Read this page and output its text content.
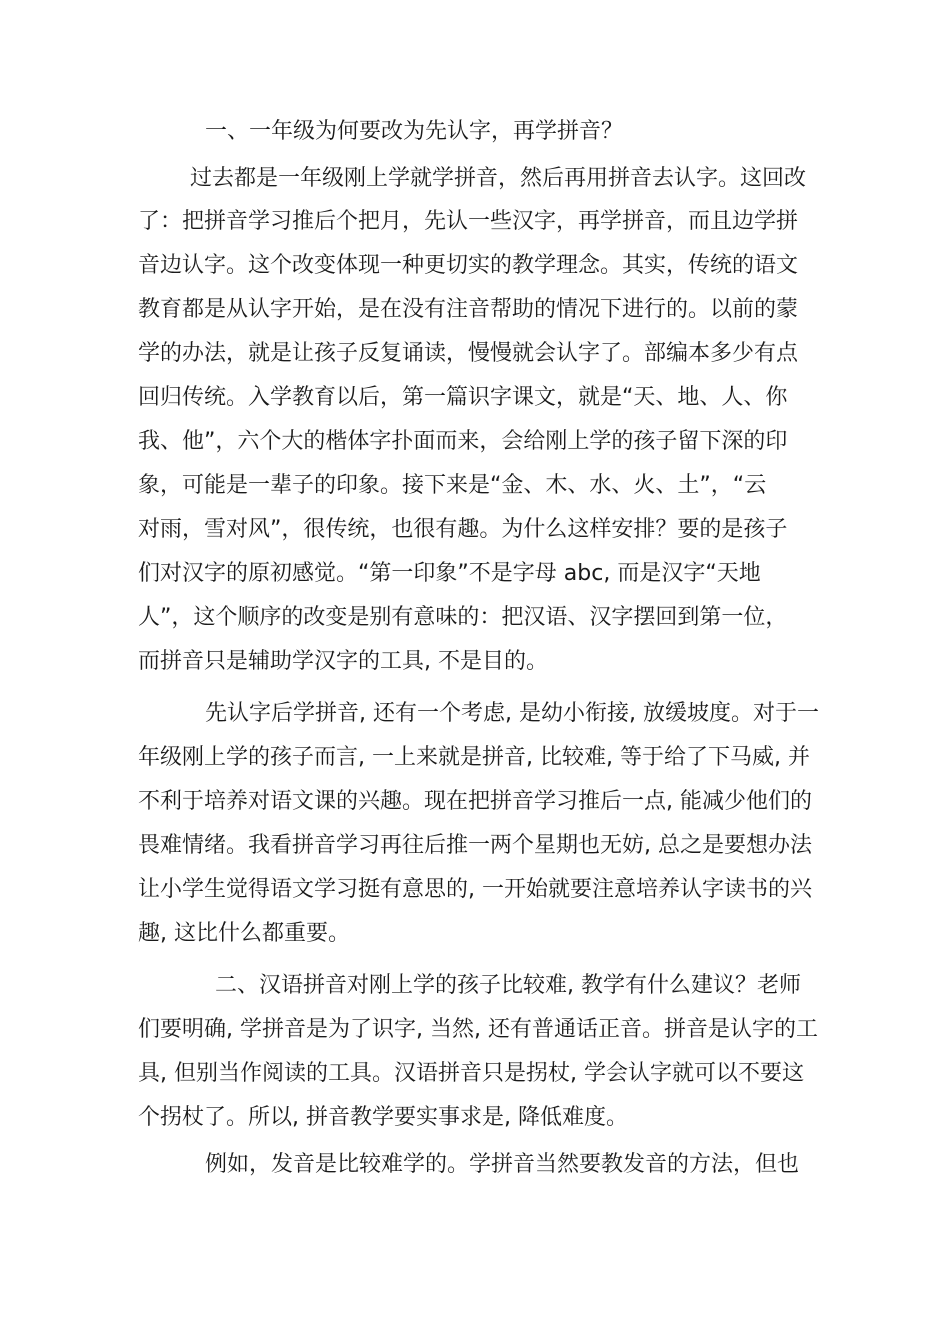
一、一年级为何要改为先认字，再学拼音？

过去都是一年级刚上学就学拼音，然后再用拼音去认字。这回改

了：把拼音学习推后个把月，先认一些汉字，再学拼音，而且边学拼

音边认字。这个改变体现一种更切实的教学理念。其实，传统的语文

教育都是从认字开始，是在没有注音帮助的情况下进行的。以前的蒙

学的办法，就是让孩子反复诵读，慢慢就会认字了。部编本多少有点

回归传统。入学教育以后，第一篇识字课文，就是“天、地、人、你

我、他”，六个大的楷体字扑面而来，会给刚上学的孩子留下深的印

象，可能是一辈子的印象。接下来是“金、木、水、火、土”，“云

对雨，雪对风”，很传统，也很有趣。为什么这样安排？要的是孩子

们对汉字的原初感觉。“第一印象”不是字母 abc, 而是汉字“天地

人”，这个顺序的改变是别有意味的：把汉语、汉字摆回到第一位，

而拼音只是辅助学汉字的工具, 不是目的。

先认字后学拼音, 还有一个考虑, 是幼小衔接, 放缓坡度。对于一

年级刚上学的孩子而言, 一上来就是拼音, 比较难, 等于给了下马威, 并

不利于培养对语文课的兴趣。现在把拼音学习推后一点, 能减少他们的

畏难情绪。我看拼音学习再往后推一两个星期也无妨, 总之是要想办法

让小学生觉得语文学习挺有意思的, 一开始就要注意培养认字读书的兴

趣, 这比什么都重要。

二、汉语拼音对刚上学的孩子比较难, 教学有什么建议？老师

们要明确, 学拼音是为了识字, 当然, 还有普通话正音。拼音是认字的工

具, 但别当作阅读的工具。汉语拼音只是拐杖, 学会认字就可以不要这

个拐杖了。所以, 拼音教学要实事求是, 降低难度。

例如，发音是比较难学的。学拼音当然要教发音的方法，但也
